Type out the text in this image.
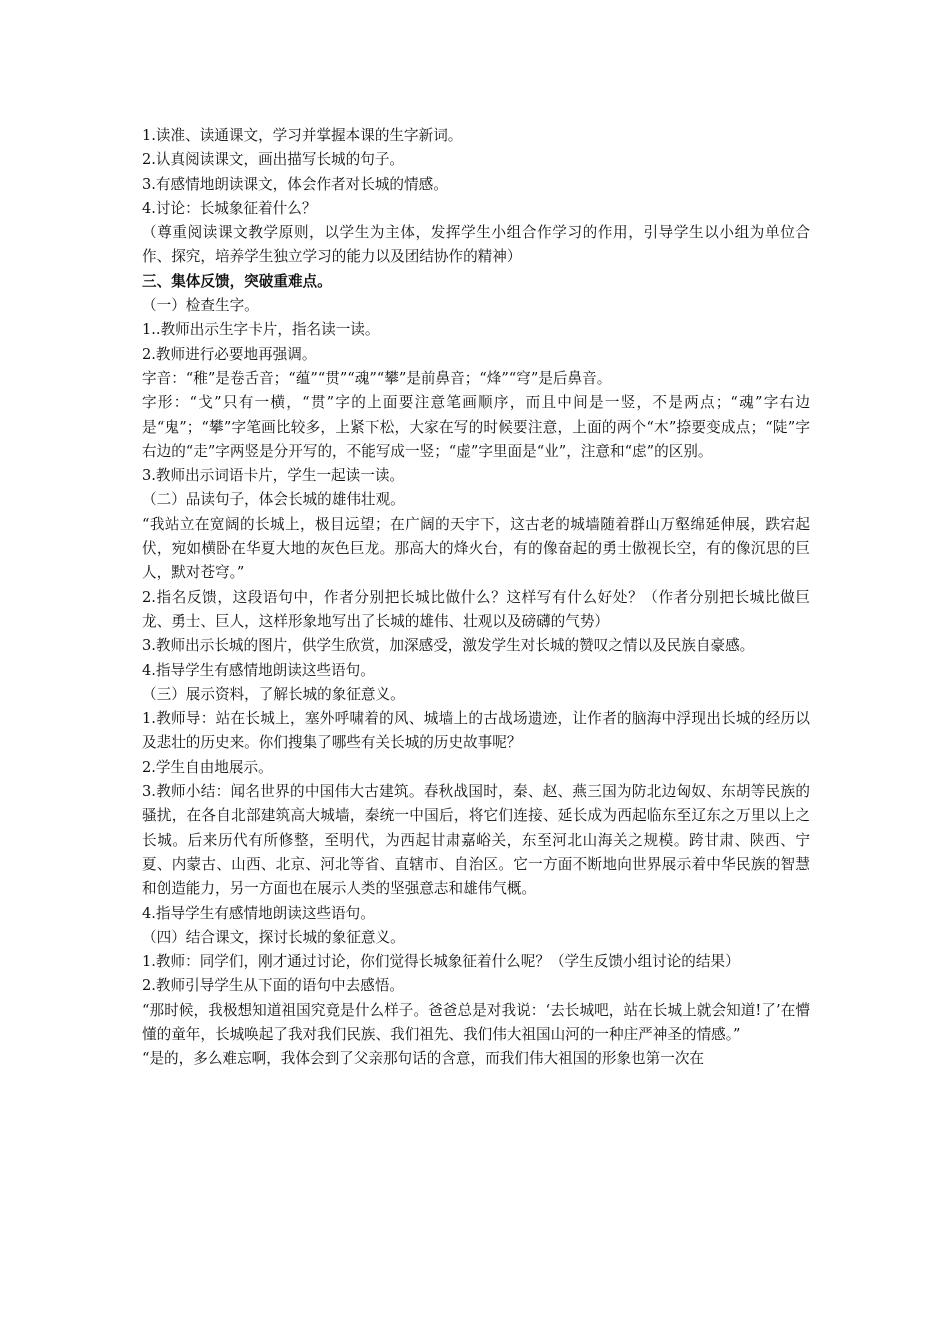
1.读准、读通课文，学习并掌握本课的生字新词。

2.认真阅读课文，画出描写长城的句子。

3.有感情地朗读课文，体会作者对长城的情感。

4.讨论：长城象征着什么？

（尊重阅读课文教学原则，以学生为主体，发挥学生小组合作学习的作用，引导学生以小组为单位合作、探究，培养学生独立学习的能力以及团结协作的精神）

三、集体反馈，突破重难点。

（一）检查生字。

1..教师出示生字卡片，指名读一读。

2.教师进行必要地再强调。

字音：“稚”是卷舌音；“蕴”“贯”“魂”“攀”是前鼻音；“烽”“穹”是后鼻音。

字形：“戈”只有一横，“贯”字的上面要注意笔画顺序，而且中间是一竖，不是两点；“魂”字右边是“鬼”；“攀”字笔画比较多，上紧下松，大家在写的时候要注意，上面的两个“木”捺要变成点；“陡”字右边的“走”字两竖是分开写的，不能写成一竖；“虚”字里面是“业”，注意和“虑”的区别。

3.教师出示词语卡片，学生一起读一读。

（二）品读句子，体会长城的雄伟壮观。

“我站立在宽阔的长城上，极目远望；在广阔的天宇下，这古老的城墙随着群山万壑绵延伸展，跌宕起伏，宛如横卧在华夏大地的灰色巨龙。那高大的烽火台，有的像奋起的勇士傲视长空，有的像沉思的巨人，默对苍穹。”

2.指名反馈，这段语句中，作者分别把长城比做什么？这样写有什么好处？（作者分别把长城比做巨龙、勇士、巨人，这样形象地写出了长城的雄伟、壮观以及磅礴的气势）

3.教师出示长城的图片，供学生欣赏，加深感受，激发学生对长城的赞叹之情以及民族自豪感。

4.指导学生有感情地朗读这些语句。

（三）展示资料，了解长城的象征意义。

1.教师导：站在长城上，塞外呼啸着的风、城墙上的古战场遗迹，让作者的脑海中浮现出长城的经历以及悲壮的历史来。你们搜集了哪些有关长城的历史故事呢？

2.学生自由地展示。

3.教师小结：闻名世界的中国伟大古建筑。春秋战国时，秦、赵、燕三国为防北边匈奴、东胡等民族的骚扰，在各自北部建筑高大城墙，秦统一中国后，将它们连接、延长成为西起临东至辽东之万里以上之长城。后来历代有所修整，至明代，为西起甘肃嘉峪关，东至河北山海关之规模。跨甘肃、陕西、宁夏、内蒙古、山西、北京、河北等省、直辖市、自治区。它一方面不断地向世界展示着中华民族的智慧和创造能力，另一方面也在展示人类的坚强意志和雄伟气概。

4.指导学生有感情地朗读这些语句。

（四）结合课文，探讨长城的象征意义。

1.教师：同学们，刚才通过讨论，你们觉得长城象征着什么呢？（学生反馈小组讨论的结果）

2.教师引导学生从下面的语句中去感悟。

“那时候，我极想知道祖国究竟是什么样子。爸爸总是对我说：‘去长城吧，站在长城上就会知道!了’在懵懂的童年，长城唤起了我对我们民族、我们祖先、我们伟大祖国山河的一种庄严神圣的情感。”

“是的，多么难忘啊，我体会到了父亲那句话的含意，而我们伟大祖国的形象也第一次在
